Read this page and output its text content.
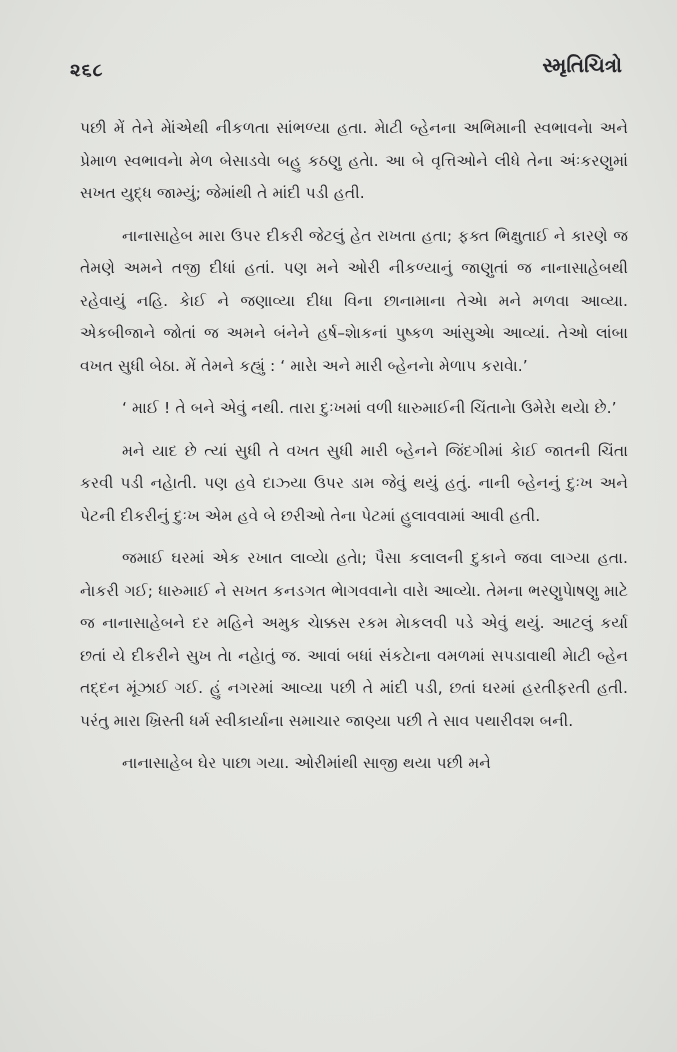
૨૬૮	સ્મૃતિચિત્રો

પછી મેં તેને મેાંએથી નીકળતા સાંભળ્યા હતા. મેાટી બ્હેનના અભિમાની સ્વભાવનેા અને પ્રેમાળ સ્વભાવનેા મેળ બેસાડવેા બહુ કઠણુ હતેા. આ બે વૃત્તિઓને લીધે તેના અંઃકરણુમાં સખત યુદ્ધ જામ્યું; જેમાંથી તે માંદી પડી હતી.

નાનાસાહેબ મારા ઉપર દીકરી જેટલું હેત રાખતા હતા; ફક્ત ભિક્ષુતાઈ ને કારણે જ તેમણે અમને તજી દીધાં હતાં. પણ મને ઓરી નીકળ્યાનું જાણુતાં જ નાનાસાહેબથી રહેવાયું નહિ. કેાઈ ને જણાવ્યા દીધા વિના છાનામાના તેએા મને મળવા આવ્યા. એકબીજાને જોતાં જ અમને બંનેને હર્ષ–શેાકનાં પુષ્કળ આંસુએા આવ્યાં. તેઓ લાંબા વખત સુધી બેઠા. મેં તેમને કહ્યું : ‘ મારેા અને મારી બ્હેનનેા મેળાપ કરાવેા.’

‘ માઈ ! તે બને એવું નથી. તારા દુઃખમાં વળી ધારુમાઈની ચિંતાનેા ઉમેરેા થયેા છે.’

મને યાદ છે ત્યાં સુધી તે વખત સુધી મારી બ્હેનને જિંદગીમાં કેાઈ જાતની ચિંતા કરવી પડી નહેાતી. પણ હવે દાઝ્યા ઉપર ડામ જેવું થયું હતું. નાની બ્હેનનું દુઃખ અને પેટની દીકરીનું દુઃખ એમ હવે બે છરીઓ તેના પેટમાં હુલાવવામાં આવી હતી.

જમાઈ ઘરમાં એક રખાત લાવ્યેા હતેા; પૈસા કલાલની દુકાને જવા લાગ્યા હતા. નેાકરી ગઈ; ધારુમાઈ ને સખત કનડગત ભેાગવવાનેા વારેા આવ્યેા. તેમના ભરણુપેાષણુ માટે જ નાનાસાહેબને દર મહિને અમુક ચેાક્કસ રકમ મેાકલવી પડે એવું થયું. આટલું કર્યા છતાં યે દીકરીને સુખ તેા નહેાતું જ. આવાં બધાં સંકટેાના વમળમાં સપડાવાથી મેાટી બ્હેન તદ્દન મૂંઝાઈ ગઈ. હું નગરમાં આવ્યા પછી તે માંદી પડી, છતાં ઘરમાં હરતીફરતી હતી. પરંતુ મારા ખ્રિસ્તી ધર્મ સ્વીકાર્યાના સમાચાર જાણ્યા પછી તે સાવ પથારીવશ બની.

નાનાસાહેબ ઘેર પાછા ગયા. ઓરીમાંથી સાજી થયા પછી મને
